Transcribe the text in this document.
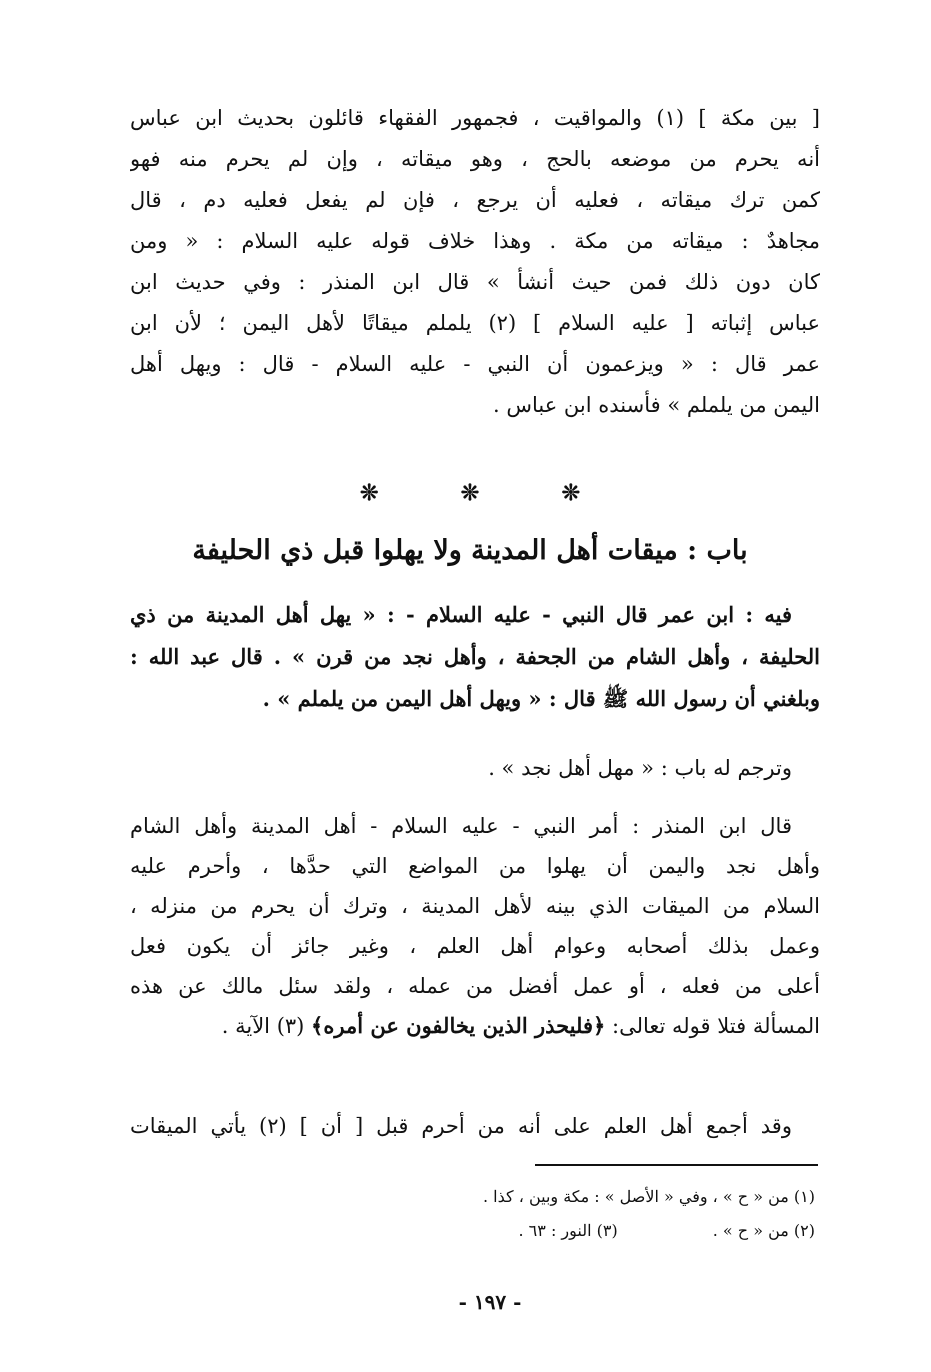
[ بين مكة ] (١) والمواقيت ، فجمهور الفقهاء قائلون بحديث ابن عباس
أنه يحرم من موضعه بالحج ، وهو ميقاته ، وإن لم يحرم منه فهو
كمن ترك ميقاته ، فعليه أن يرجع ، فإن لم يفعل فعليه دم ، قال
مجاهدٌ : ميقاته من مكة . وهذا خلاف قوله عليه السلام : « ومن
كان دون ذلك فمن حيث أنشأ » قال ابن المنذر : وفي حديث ابن
عباس إثباته [ عليه السلام ] (٢) يلملم ميقاتًا لأهل اليمن ؛ لأن ابن
عمر قال : « ويزعمون أن النبي - عليه السلام - قال : ويهل أهل
اليمن من يلملم » فأسنده ابن عباس .
❊
❊
❊
باب : ميقات أهل المدينة ولا يهلوا قبل ذي الحليفة
فيه : ابن عمر قال النبي - عليه السلام - : « يهل أهل المدينة من ذي
الحليفة ، وأهل الشام من الجحفة ، وأهل نجد من قرن » . قال عبد الله :
وبلغني أن رسول الله ﷺ قال : « ويهل أهل اليمن من يلملم » .
وترجم له باب : « مهل أهل نجد » .
قال ابن المنذر : أمر النبي - عليه السلام - أهل المدينة وأهل الشام
وأهل نجد واليمن أن يهلوا من المواضع التي حدَّها ، وأحرم عليه
السلام من الميقات الذي بينه لأهل المدينة ، وترك أن يحرم من منزله ،
وعمل بذلك أصحابه وعوام أهل العلم ، وغير جائز أن يكون فعل
أعلى من فعله ، أو عمل أفضل من عمله ، ولقد سئل مالك عن هذه
المسألة فتلا قوله تعالى: ﴿فليحذر الذين يخالفون عن أمره﴾ (٣) الآية .
وقد أجمع أهل العلم على أنه من أحرم قبل [ أن ] (٢) يأتي الميقات
(١) من « ح » ، وفي « الأصل » : مكة وبين ، كذا .
(٢) من « ح » .(٣) النور : ٦٣ .
- ١٩٧ -
